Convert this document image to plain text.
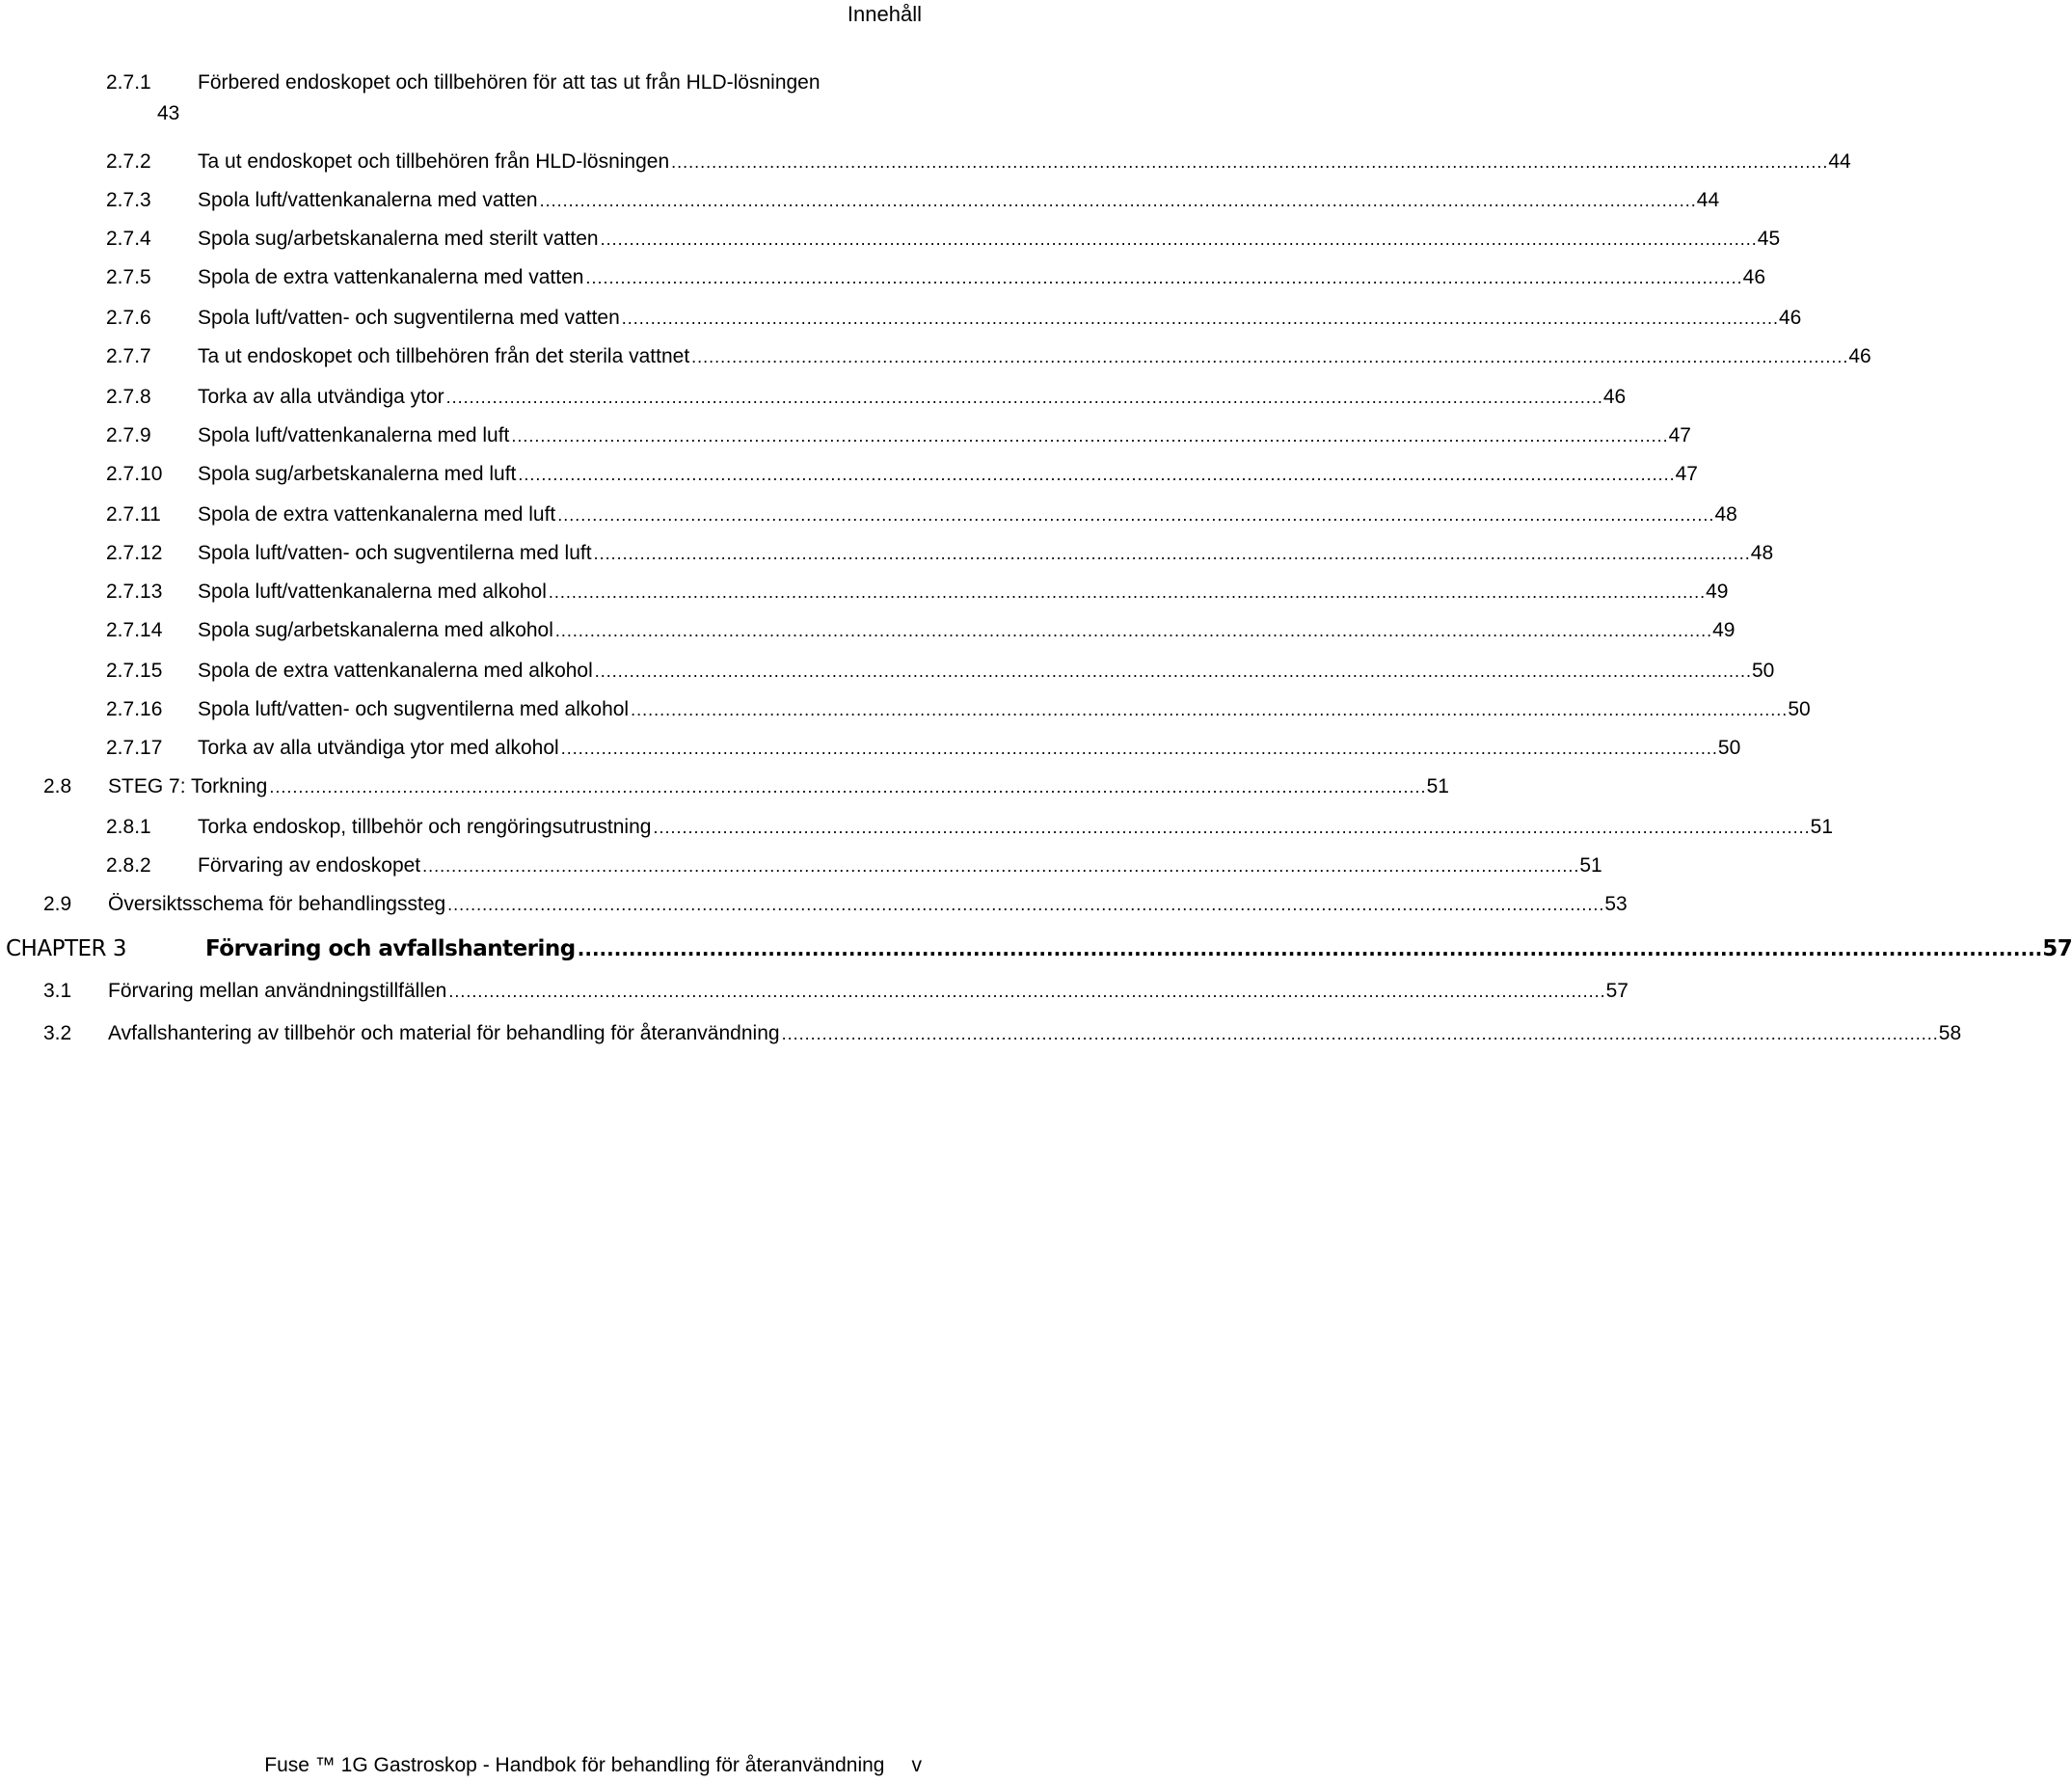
Innehåll
2.7.1 Förbered endoskopet och tillbehören för att tas ut från HLD-lösningen
43
2.7.2 Ta ut endoskopet och tillbehören från HLD-lösningen ........................................................................................................................................................................................................ 44
2.7.3 Spola luft/vattenkanalerna med vatten ........................................................................................................................................................................................................ 44
2.7.4 Spola sug/arbetskanalerna med sterilt vatten ........................................................................................................................................................................................................ 45
2.7.5 Spola de extra vattenkanalerna med vatten ........................................................................................................................................................................................................ 46
2.7.6 Spola luft/vatten- och sugventilerna med vatten ........................................................................................................................................................................................................ 46
2.7.7 Ta ut endoskopet och tillbehören från det sterila vattnet ........................................................................................................................................................................................................ 46
2.7.8 Torka av alla utvändiga ytor ........................................................................................................................................................................................................ 46
2.7.9 Spola luft/vattenkanalerna med luft ........................................................................................................................................................................................................ 47
2.7.10 Spola sug/arbetskanalerna med luft ........................................................................................................................................................................................................ 47
2.7.11 Spola de extra vattenkanalerna med luft ........................................................................................................................................................................................................ 48
2.7.12 Spola luft/vatten- och sugventilerna med luft ........................................................................................................................................................................................................ 48
2.7.13 Spola luft/vattenkanalerna med alkohol ........................................................................................................................................................................................................ 49
2.7.14 Spola sug/arbetskanalerna med alkohol ........................................................................................................................................................................................................ 49
2.7.15 Spola de extra vattenkanalerna med alkohol ........................................................................................................................................................................................................ 50
2.7.16 Spola luft/vatten- och sugventilerna med alkohol ........................................................................................................................................................................................................ 50
2.7.17 Torka av alla utvändiga ytor med alkohol ........................................................................................................................................................................................................ 50
2.8 STEG 7: Torkning ........................................................................................................................................................................................................ 51
2.8.1 Torka endoskop, tillbehör och rengöringsutrustning ........................................................................................................................................................................................................ 51
2.8.2 Förvaring av endoskopet ........................................................................................................................................................................................................ 51
2.9 Översiktsschema för behandlingssteg ........................................................................................................................................................................................................ 53
CHAPTER 3	Förvaring och avfallshantering ........................................................................................................................................................................................................ 57
3.1 Förvaring mellan användningstillfällen ........................................................................................................................................................................................................ 57
3.2 Avfallshantering av tillbehör och material för behandling för återanvändning ........................................................................................................................................................................................................ 58
Fuse ™ 1G Gastroskop - Handbok för behandling för återanvändning v
